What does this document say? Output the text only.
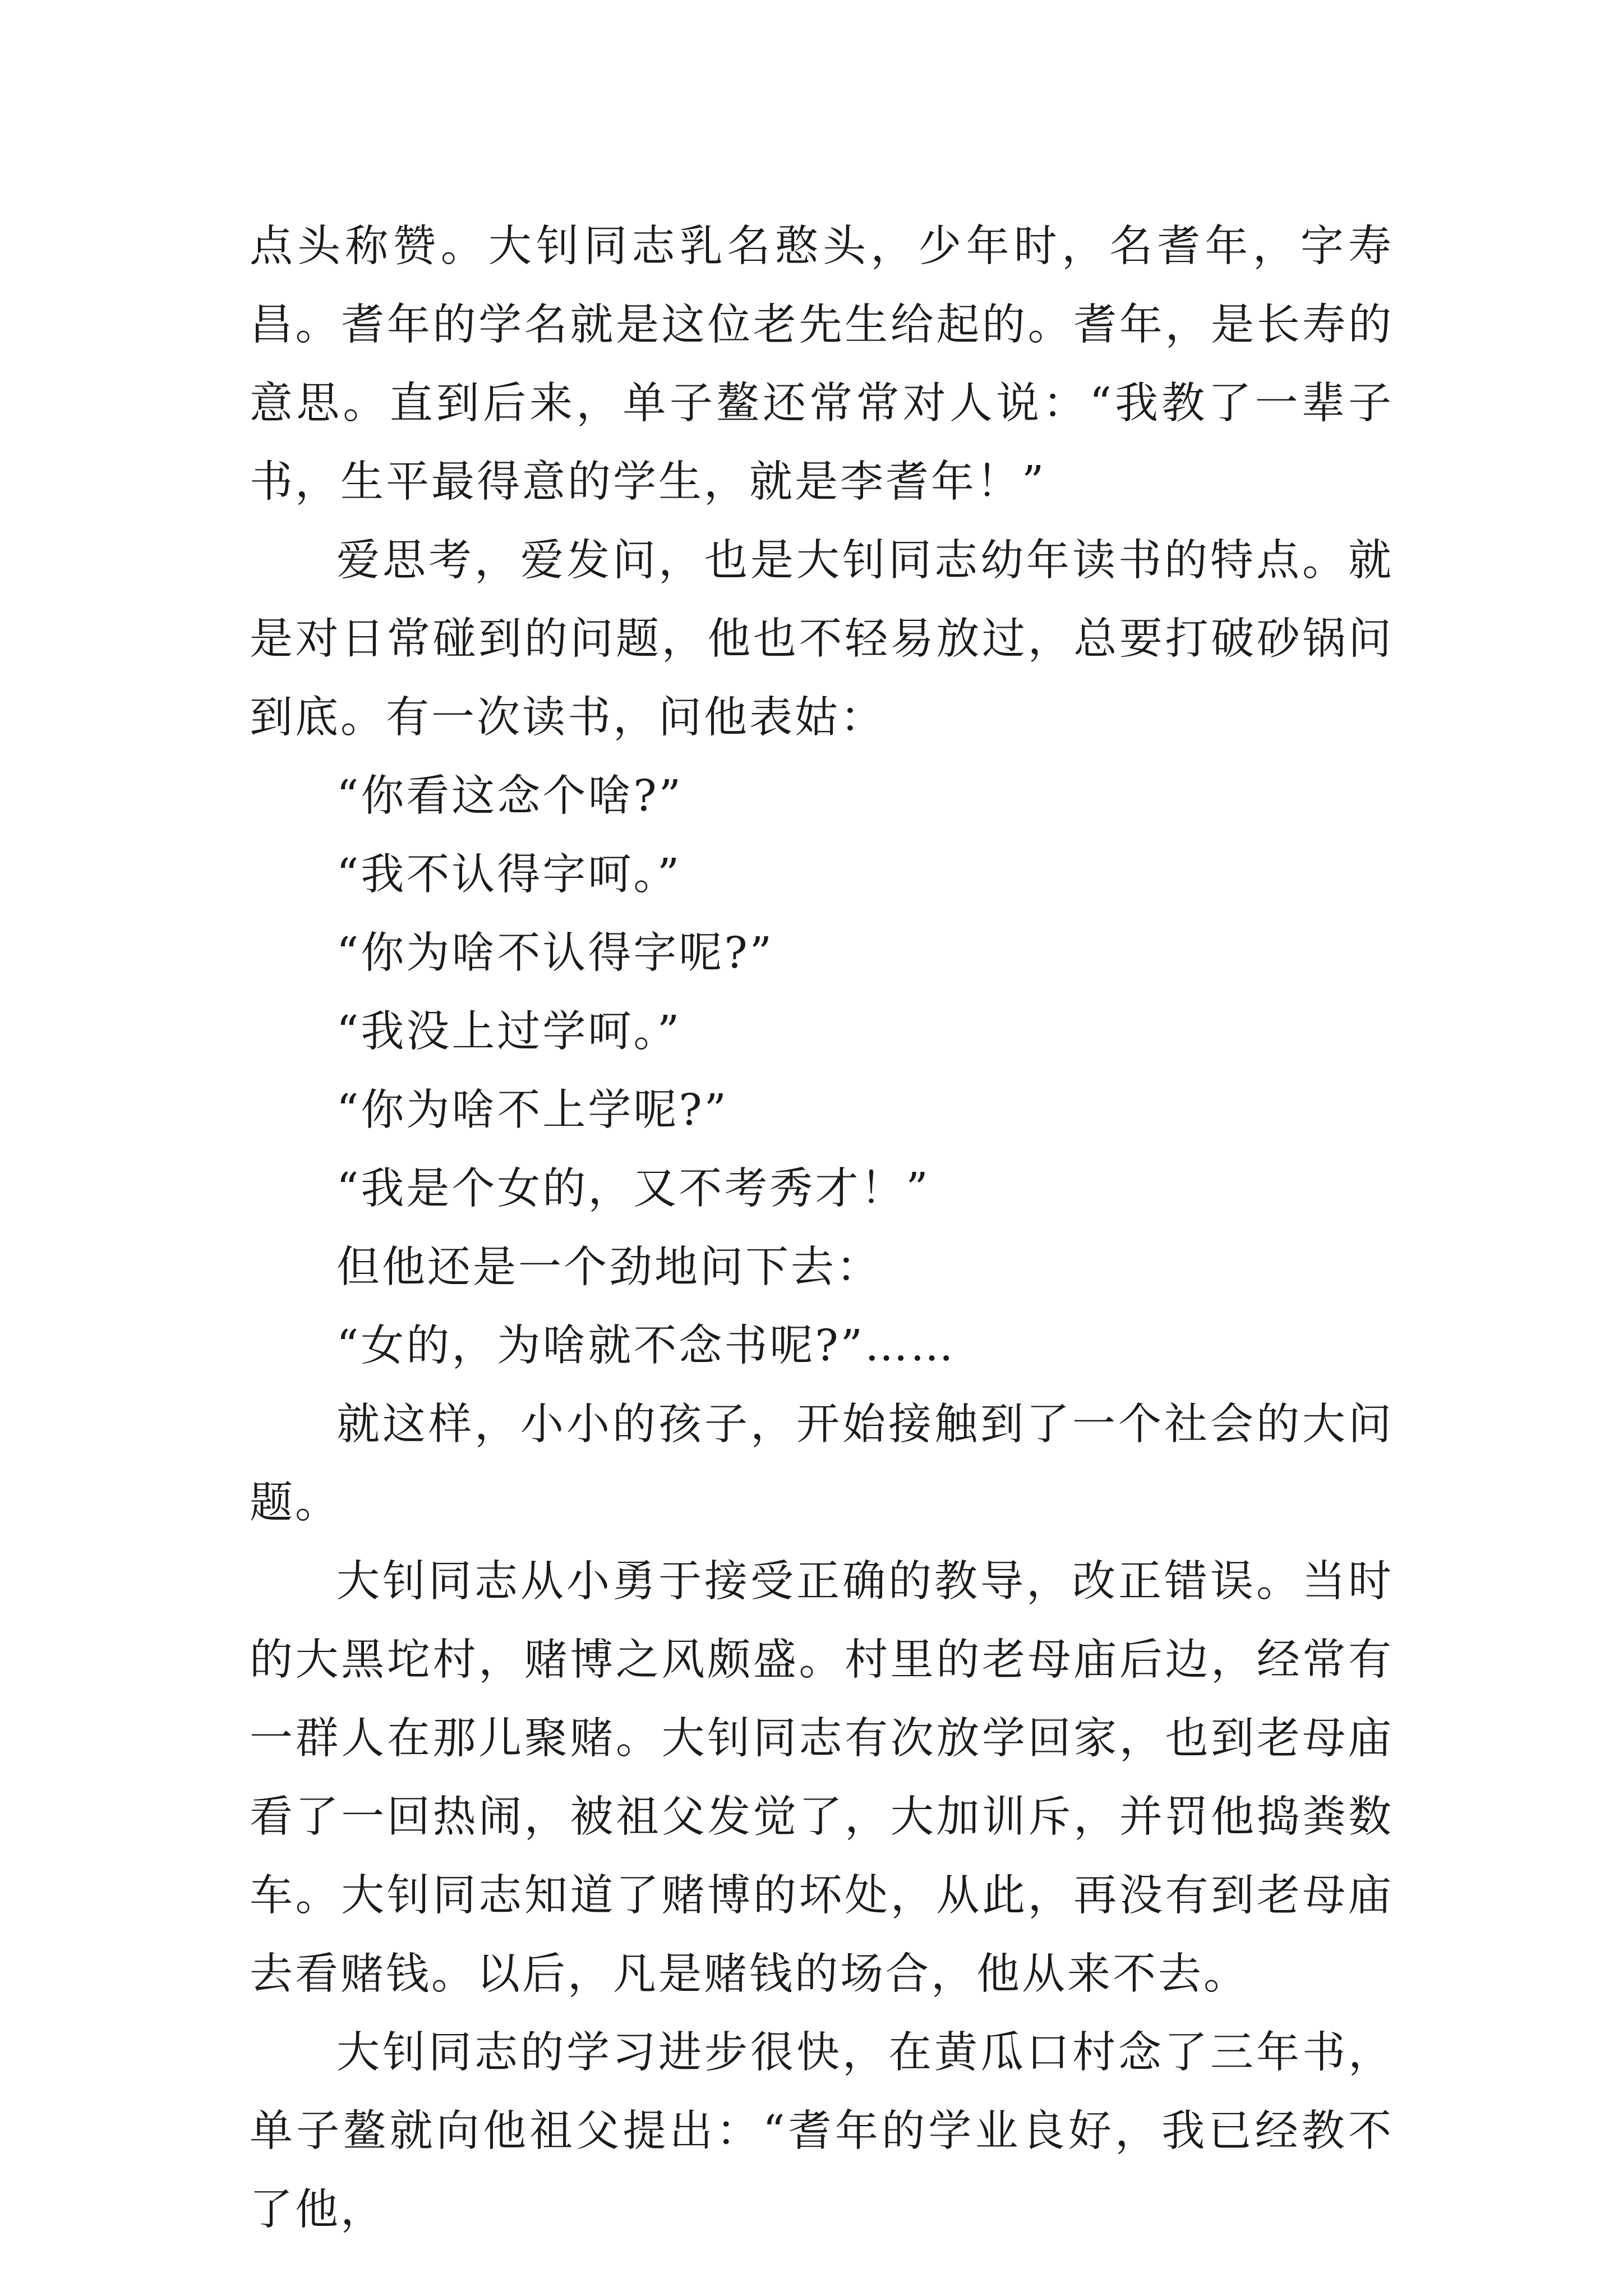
点头称赞。大钊同志乳名憨头，少年时，名耆年，字寿昌。耆年的学名就是这位老先生给起的。耆年，是长寿的意思。直到后来，单子鳌还常常对人说：“我教了一辈子书，生平最得意的学生，就是李耆年！”

爱思考，爱发问，也是大钊同志幼年读书的特点。就是对日常碰到的问题，他也不轻易放过，总要打破砂锅问到底。有一次读书，问他表姑：

“你看这念个啥?”

“我不认得字呵。”

“你为啥不认得字呢?”

“我没上过学呵。”

“你为啥不上学呢?”

“我是个女的，又不考秀才！”

但他还是一个劲地问下去：

“女的，为啥就不念书呢?”……

就这样，小小的孩子，开始接触到了一个社会的大问题。

大钊同志从小勇于接受正确的教导，改正错误。当时的大黑坨村，赌博之风颇盛。村里的老母庙后边，经常有一群人在那儿聚赌。大钊同志有次放学回家，也到老母庙看了一回热闹，被祖父发觉了，大加训斥，并罚他捣粪数车。大钊同志知道了赌博的坏处，从此，再没有到老母庙去看赌钱。以后，凡是赌钱的场合，他从来不去。

大钊同志的学习进步很快，在黄瓜口村念了三年书，单子鳌就向他祖父提出：“耆年的学业良好，我已经教不了他，
